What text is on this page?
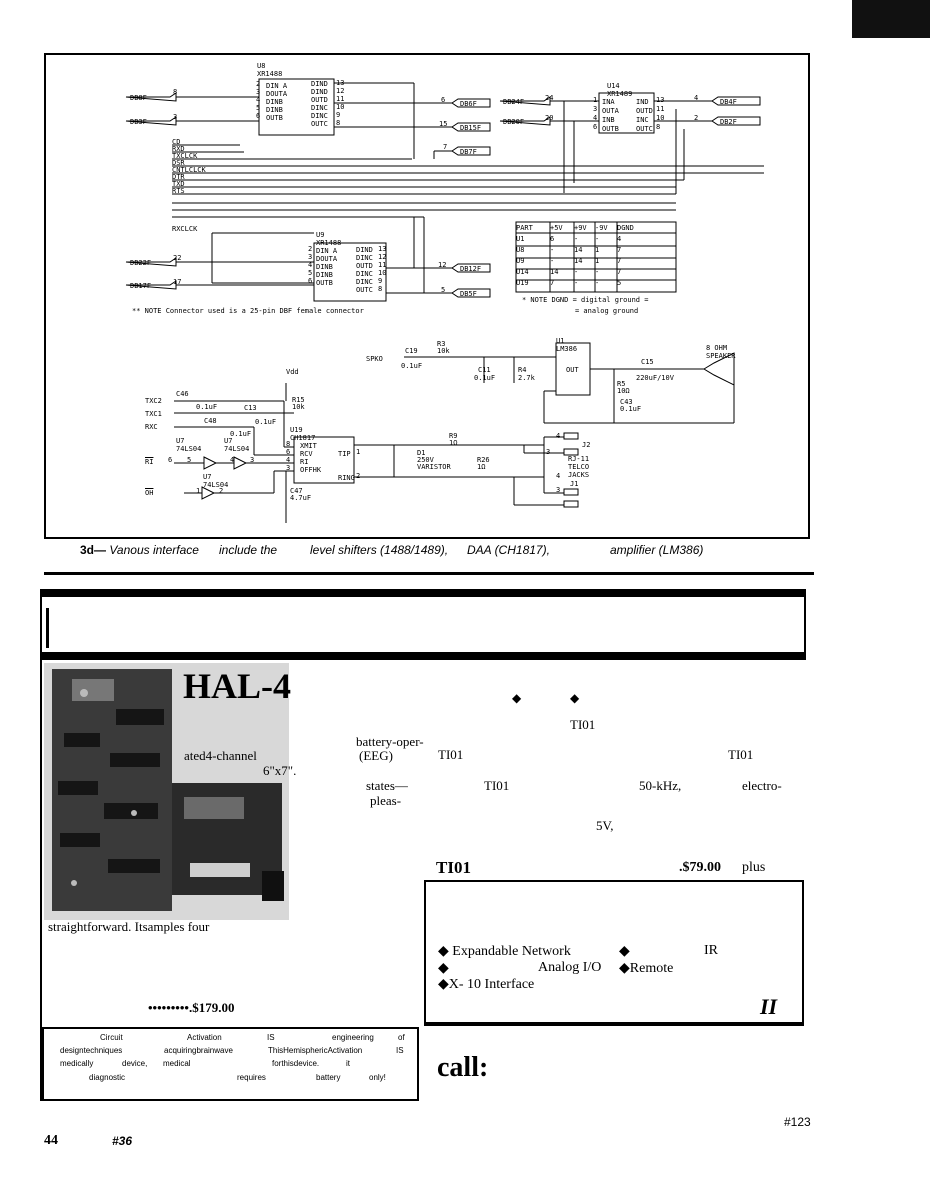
U8
XR1488
DIN A
DOUTA
DINB
DINB
OUTB
DIND
DIND
OUTD
DINC
DINC
OUTC
2
3
4
5
6
13
12
11
10
9
8
DB8F
8
DB3F
3
CD
RXD
TXCLCK
DSR
CNTLCLCK
DTR
TXD
RTS
DB6F
6
DB15F
15
DB7F
7
U14
XR1489
INA
OUTA
INB
OUTB
IND
OUTD
INC
OUTC
1
3
4
6
13
11
10
8
DB24F	24
DB20F	20
DB4F
4
DB2F
2
RXCLCK
U9
XR1488
DIN A
DOUTA
DINB
DINB
OUTB
DIND
DINC
OUTD
DINC
DINC
OUTC
2
3
4
5
6
13
12
11
10
9
8
DB22F
22
DB17F	17
DB12F
12
DB5F
5
** NOTE Connector used is a 25-pin DBF female connector
PART	+5V	+9V	-9V	DGND
U1	6	-	-	4
U8	-	14	1	7
U9	-	14	1	7
U14	14	-	-	7
U19	7	-	-	5
* NOTE DGND = digital ground =
= analog ground
U1
LM386
OUT
SPKO
C19
0.1uF
R3
10k
C11
0.1uF
R4
2.7k
C15
220uF/10V
R5
10Ω
C43
0.1uF
8 OHM
SPEAKER
Vdd
TXC2
TXC1
RXC
C46
0.1uF	C13
0.1uF
C48
0.1uF
R15
10k
U7
74LS04
U7
74LS04
U7
74LS04
$\overline{RI}$
$\overline{OH}$
6 5	4 3
1	2	C47
4.7uF
U19
CH1817
XMIT
RCV
RI
OFFHK
TIP
RING
8
6
4
3
1
2
R9
1Ω
D1
250V
VARISTOR
R26
1Ω
J2
J1
RJ-11
TELCO
JACKS
4
3
4
3
3d— Vanous interface include the	level shifters (1488/1489), DAA (CH1817),	amplifier (LM386)
HAL-4
battery-oper-
ated4-channel	(EEG)
6"x7".
states—
pleas-
straightforward. Itsamples four
•••••••••.$179.00
◆	◆
TI01
TI01	TI01
TI01	50-kHz,	electro-
5V,
TI01	.$79.00 plus
◆ Expandable Network	◆	IR
◆	Analog I/O ◆Remote
◆X- 10 Interface
II
call:
Circuit	Activation	IS	engineering	of
designtechniques	acquiringbrainwave	ThisHemisphericActivation	IS
medically	device, medical	forthisdevice.	it
diagnostic	requires	battery	only!
44	#36
#123
